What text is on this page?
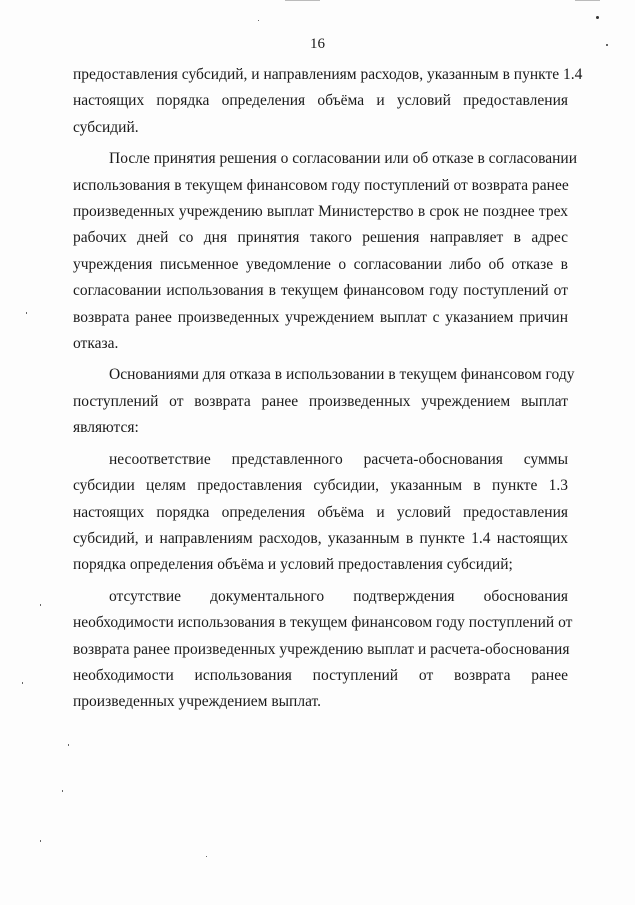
16
предоставления субсидий, и направлениям расходов, указанным в пункте 1.4
настоящих порядка определения объёма и условий предоставления
субсидий.
После принятия решения о согласовании или об отказе в согласовании
использования в текущем финансовом году поступлений от возврата ранее
произведенных учреждению выплат Министерство в срок не позднее трех
рабочих дней со дня принятия такого решения направляет в адрес
учреждения письменное уведомление о согласовании либо об отказе в
согласовании использования в текущем финансовом году поступлений от
возврата ранее произведенных учреждением выплат с указанием причин
отказа.
Основаниями для отказа в использовании в текущем финансовом году
поступлений от возврата ранее произведенных учреждением выплат
являются:
несоответствие представленного расчета-обоснования суммы
субсидии целям предоставления субсидии, указанным в пункте 1.3
настоящих порядка определения объёма и условий предоставления
субсидий, и направлениям расходов, указанным в пункте 1.4 настоящих
порядка определения объёма и условий предоставления субсидий;
отсутствие документального подтверждения обоснования
необходимости использования в текущем финансовом году поступлений от
возврата ранее произведенных учреждению выплат и расчета-обоснования
необходимости использования поступлений от возврата ранее
произведенных учреждением выплат.
